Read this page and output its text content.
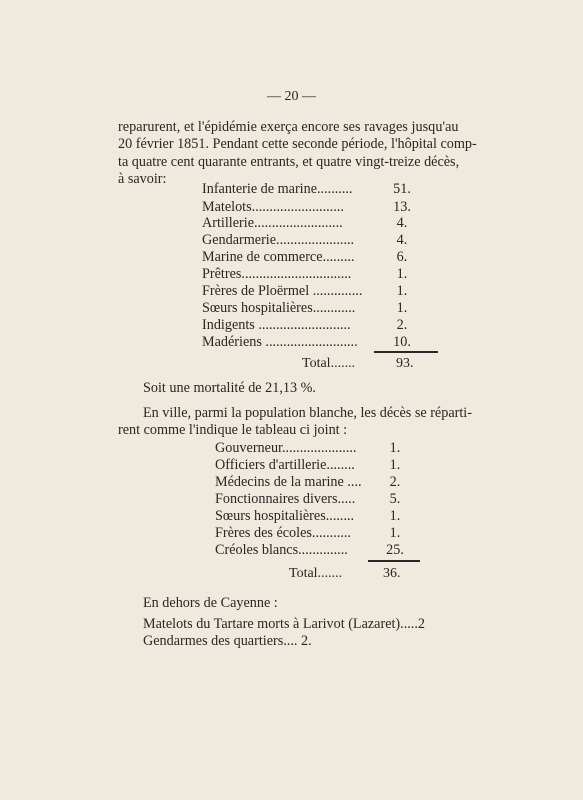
— 20 —
reparurent, et l'épidémie exerça encore ses ravages jusqu'au
20 février 1851. Pendant cette seconde période, l'hôpital comp-
ta quatre cent quarante entrants, et quatre vingt-treize décès,
à savoir:
Infanterie de marine..........	51.
Matelots..........................	13.
Artillerie.........................	4.
Gendarmerie......................	4.
Marine de commerce.........	6.
Prêtres...............................	1.
Frères de Ploërmel ..............	1.
Sœurs hospitalières............	1.
Indigents ..........................	2.
Madériens ..........................	10.
Total.......	93.
Soit une mortalité de 21,13 %.
En ville, parmi la population blanche, les décès se réparti-
rent comme l'indique le tableau ci joint :
Gouverneur.....................	1.
Officiers d'artillerie........	1.
Médecins de la marine ....	2.
Fonctionnaires divers.....	5.
Sœurs hospitalières........	1.
Frères des écoles...........	1.
Créoles blancs..............	25.
Total.......	36.
En dehors de Cayenne :
Matelots du Tartare morts à Larivot (Lazaret).....2
Gendarmes des quartiers.... 2.
